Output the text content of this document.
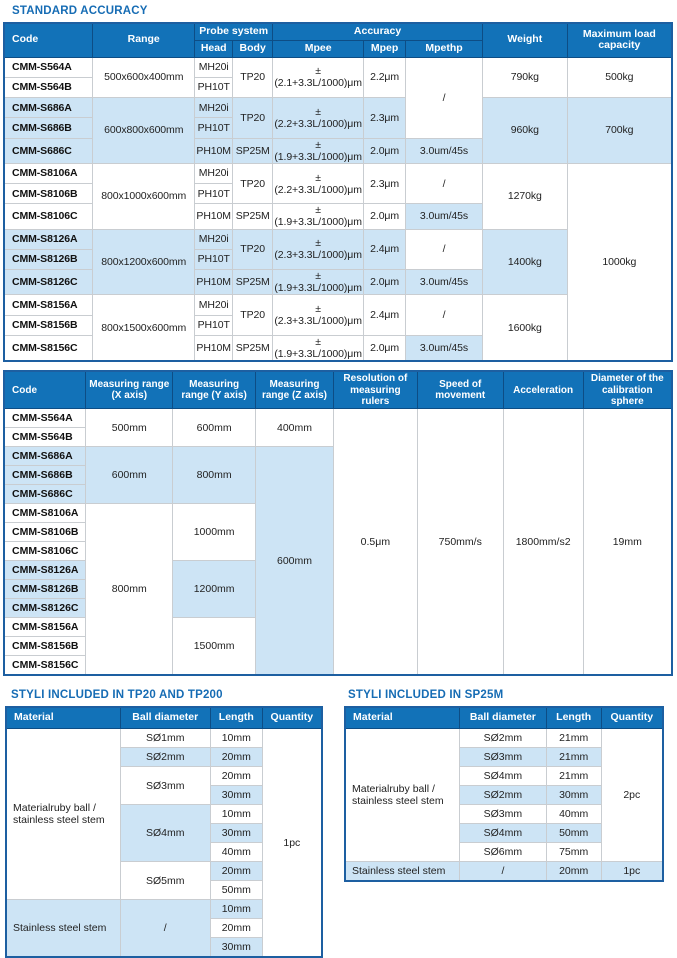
STANDARD ACCURACY
Code	Range	Probe system		Accuracy			Weight	Maximum load capacity
		Head	Body	Mpee	Mpep	Mpethp		
CMM-S564A	500x600x400mm	MH20i	TP20	±(2.1+3.3L/1000)μm	2.2μm	/	790kg	500kg
CMM-S564B		PH10T						
CMM-S686A	600x800x600mm	MH20i	TP20	±(2.2+3.3L/1000)μm	2.3μm		960kg	700kg
CMM-S686B		PH10T						
CMM-S686C		PH10M	SP25M	±(1.9+3.3L/1000)μm	2.0μm	3.0um/45s		
CMM-S8106A	800x1000x600mm	MH20i	TP20	±(2.2+3.3L/1000)μm	2.3μm	/	1270kg	1000kg
CMM-S8106B		PH10T						
CMM-S8106C		PH10M	SP25M	±(1.9+3.3L/1000)μm	2.0μm	3.0um/45s		
CMM-S8126A	800x1200x600mm	MH20i	TP20	±(2.3+3.3L/1000)μm	2.4μm	/	1400kg	
CMM-S8126B		PH10T						
CMM-S8126C		PH10M	SP25M	±(1.9+3.3L/1000)μm	2.0μm	3.0um/45s		
CMM-S8156A	800x1500x600mm	MH20i	TP20	±(2.3+3.3L/1000)μm	2.4μm	/	1600kg	
CMM-S8156B		PH10T						
CMM-S8156C		PH10M	SP25M	±(1.9+3.3L/1000)μm	2.0μm	3.0um/45s		
Code	Measuring range (X axis)	Measuring range (Y axis)	Measuring range (Z axis)	Resolution of measuring rulers	Speed of movement	Acceleration	Diameter of the calibration sphere
CMM-S564A	500mm	600mm	400mm	0.5μm	750mm/s	1800mm/s2	19mm
CMM-S564B							
CMM-S686A	600mm	800mm	600mm				
CMM-S686B							
CMM-S686C							
CMM-S8106A	800mm	1000mm					
CMM-S8106B							
CMM-S8106C							
CMM-S8126A		1200mm					
CMM-S8126B							
CMM-S8126C							
CMM-S8156A		1500mm					
CMM-S8156B							
CMM-S8156C							
STYLI INCLUDED IN TP20 AND TP200
Material	Ball diameter	Length	Quantity
Materialruby ball / stainless steel stem	SØ1mm	10mm	1pc
	SØ2mm	20mm	
	SØ3mm	20mm	
		30mm	
	SØ4mm	10mm	
		30mm	
		40mm	
	SØ5mm	20mm	
		50mm	
Stainless steel stem	/	10mm	
		20mm	
		30mm	
STYLI INCLUDED IN SP25M
Material	Ball diameter	Length	Quantity
Materialruby ball / stainless steel stem	SØ2mm	21mm	2pc
	SØ3mm	21mm	
	SØ4mm	21mm	
	SØ2mm	30mm	
	SØ3mm	40mm	
	SØ4mm	50mm	
	SØ6mm	75mm	
Stainless steel stem	/	20mm	1pc
